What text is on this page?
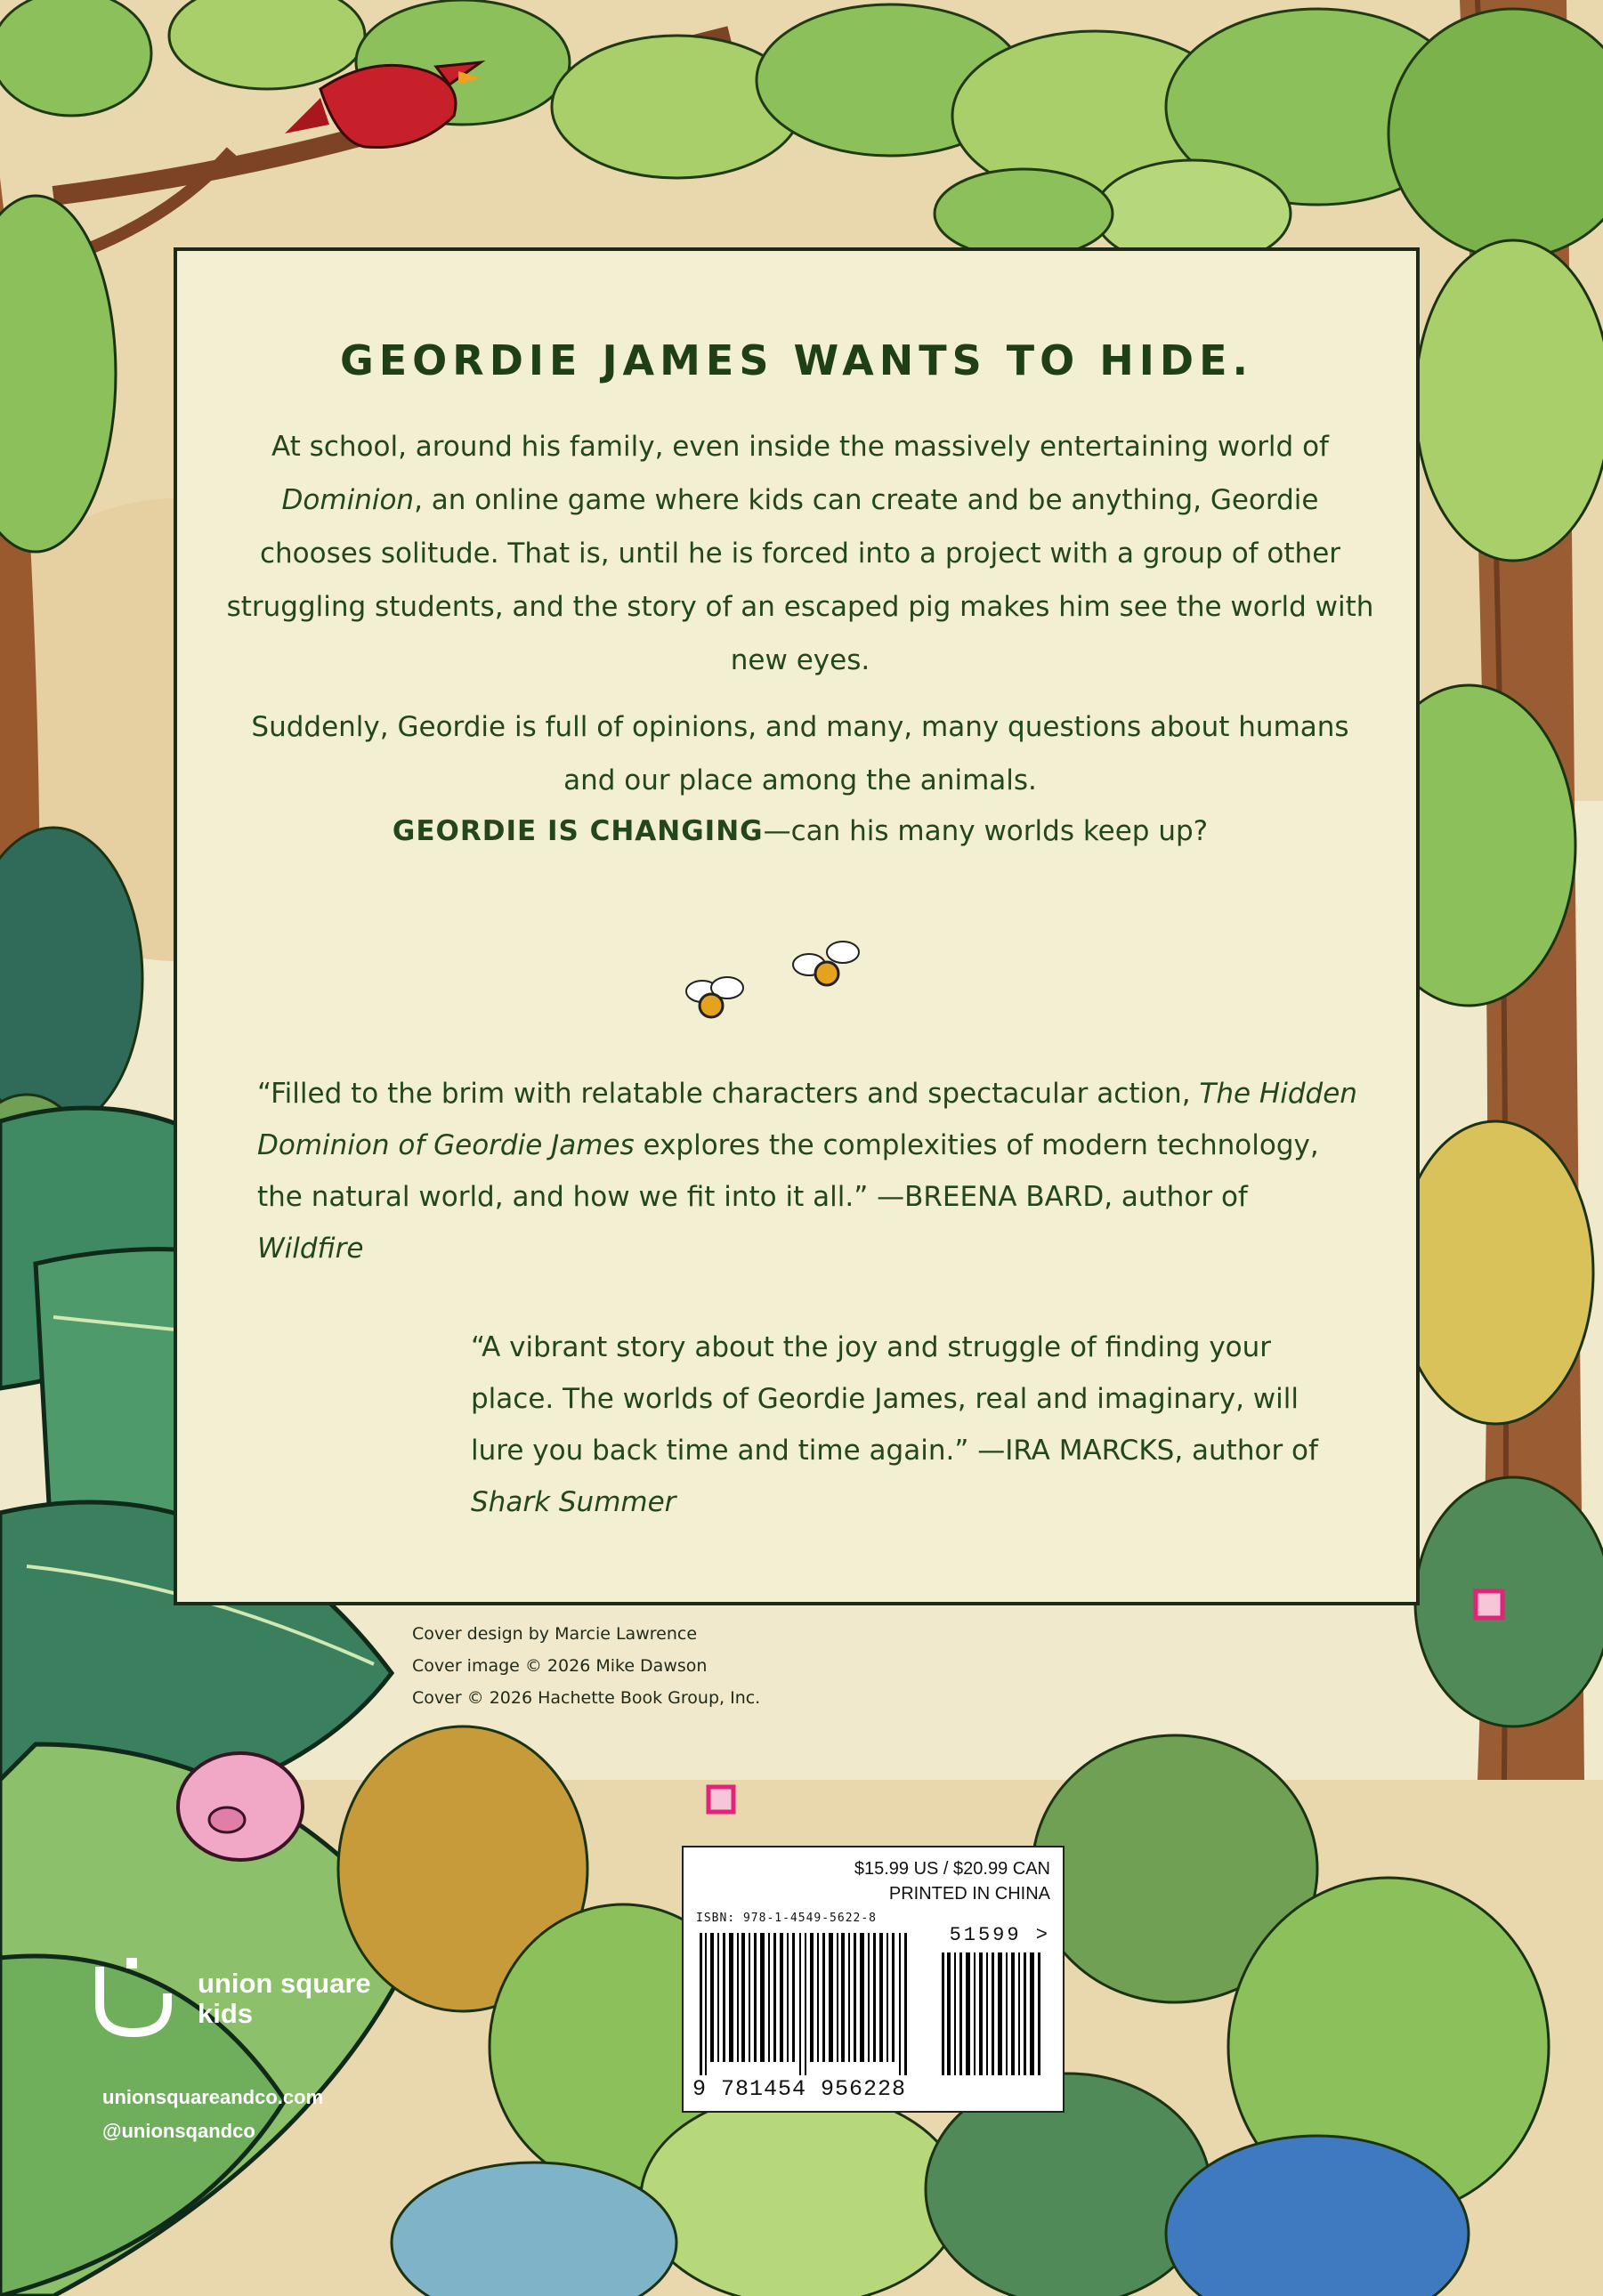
GEORDIE JAMES WANTS TO HIDE.
At school, around his family, even inside the massively entertaining world of Dominion, an online game where kids can create and be anything, Geordie chooses solitude. That is, until he is forced into a project with a group of other struggling students, and the story of an escaped pig makes him see the world with new eyes.
Suddenly, Geordie is full of opinions, and many, many questions about humans and our place among the animals.
GEORDIE IS CHANGING—can his many worlds keep up?
“Filled to the brim with relatable characters and spectacular action, The Hidden Dominion of Geordie James explores the complexities of modern technology, the natural world, and how we fit into it all.” —BREENA BARD, author of Wildfire
“A vibrant story about the joy and struggle of finding your place. The worlds of Geordie James, real and imaginary, will lure you back time and time again.” —IRA MARCKS, author of Shark Summer
Cover design by Marcie Lawrence
Cover image © 2026 Mike Dawson
Cover © 2026 Hachette Book Group, Inc.
$15.99 US / $20.99 CAN
PRINTED IN CHINA
ISBN: 978-1-4549-5622-8
51599 >
9 781454 956228
union square
kids
unionsquareandco.com
@unionsqandco
